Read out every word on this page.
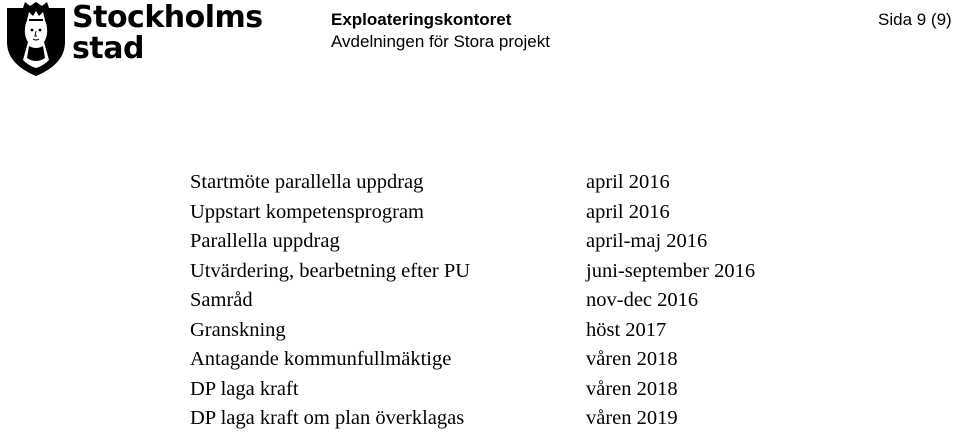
Stockholms
stad
Exploateringskontoret
Avdelningen för Stora projekt
Sida 9 (9)
Startmöte parallella uppdrag	april 2016
Uppstart kompetensprogram	april 2016
Parallella uppdrag	april-maj 2016
Utvärdering, bearbetning efter PU	juni-september 2016
Samråd	nov-dec 2016
Granskning	höst 2017
Antagande kommunfullmäktige	våren 2018
DP laga kraft	våren 2018
DP laga kraft om plan överklagas	våren 2019
